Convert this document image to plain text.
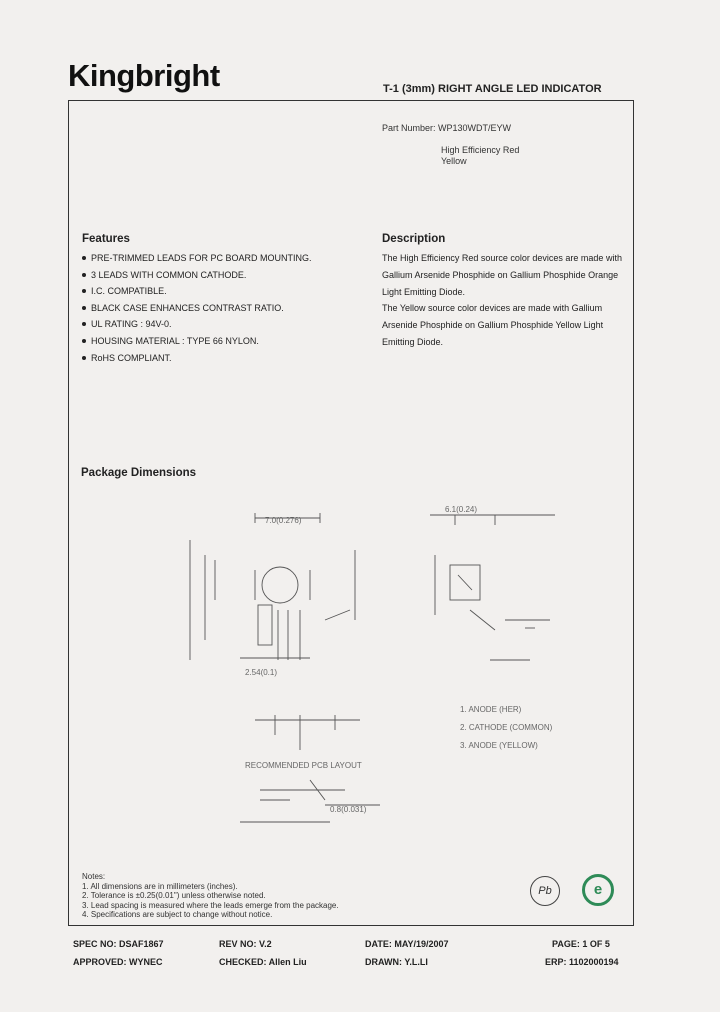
Kingbright	T-1 (3mm) RIGHT ANGLE LED INDICATOR
Part Number: WP130WDT/EYW
High Efficiency Red
Yellow
Features
PRE-TRIMMED LEADS FOR PC BOARD MOUNTING.
3 LEADS WITH COMMON CATHODE.
I.C. COMPATIBLE.
BLACK CASE ENHANCES CONTRAST RATIO.
UL RATING : 94V-0.
HOUSING MATERIAL : TYPE 66 NYLON.
RoHS COMPLIANT.
Description
The High Efficiency Red source color devices are made with
Gallium Arsenide Phosphide on Gallium Phosphide Orange
Light Emitting Diode.
The Yellow source color devices are made with Gallium
Arsenide Phosphide on Gallium Phosphide Yellow Light
Emitting Diode.
Package Dimensions
7.0(0.276)
6.1(0.24)
1. ANODE (HER)
2. CATHODE (COMMON)
3. ANODE (YELLOW)
2.54(0.1)
RECOMMENDED PCB LAYOUT
0.8(0.031)
Notes:
1. All dimensions are in millimeters (inches).
2. Tolerance is ±0.25(0.01") unless otherwise noted.
3. Lead spacing is measured where the leads emerge from the package.
4. Specifications are subject to change without notice.
Pb	e
SPEC NO: DSAF1867	REV NO: V.2	DATE: MAY/19/2007	PAGE: 1 OF 5
APPROVED: WYNEC	CHECKED: Allen Liu	DRAWN: Y.L.LI	ERP: 1102000194
